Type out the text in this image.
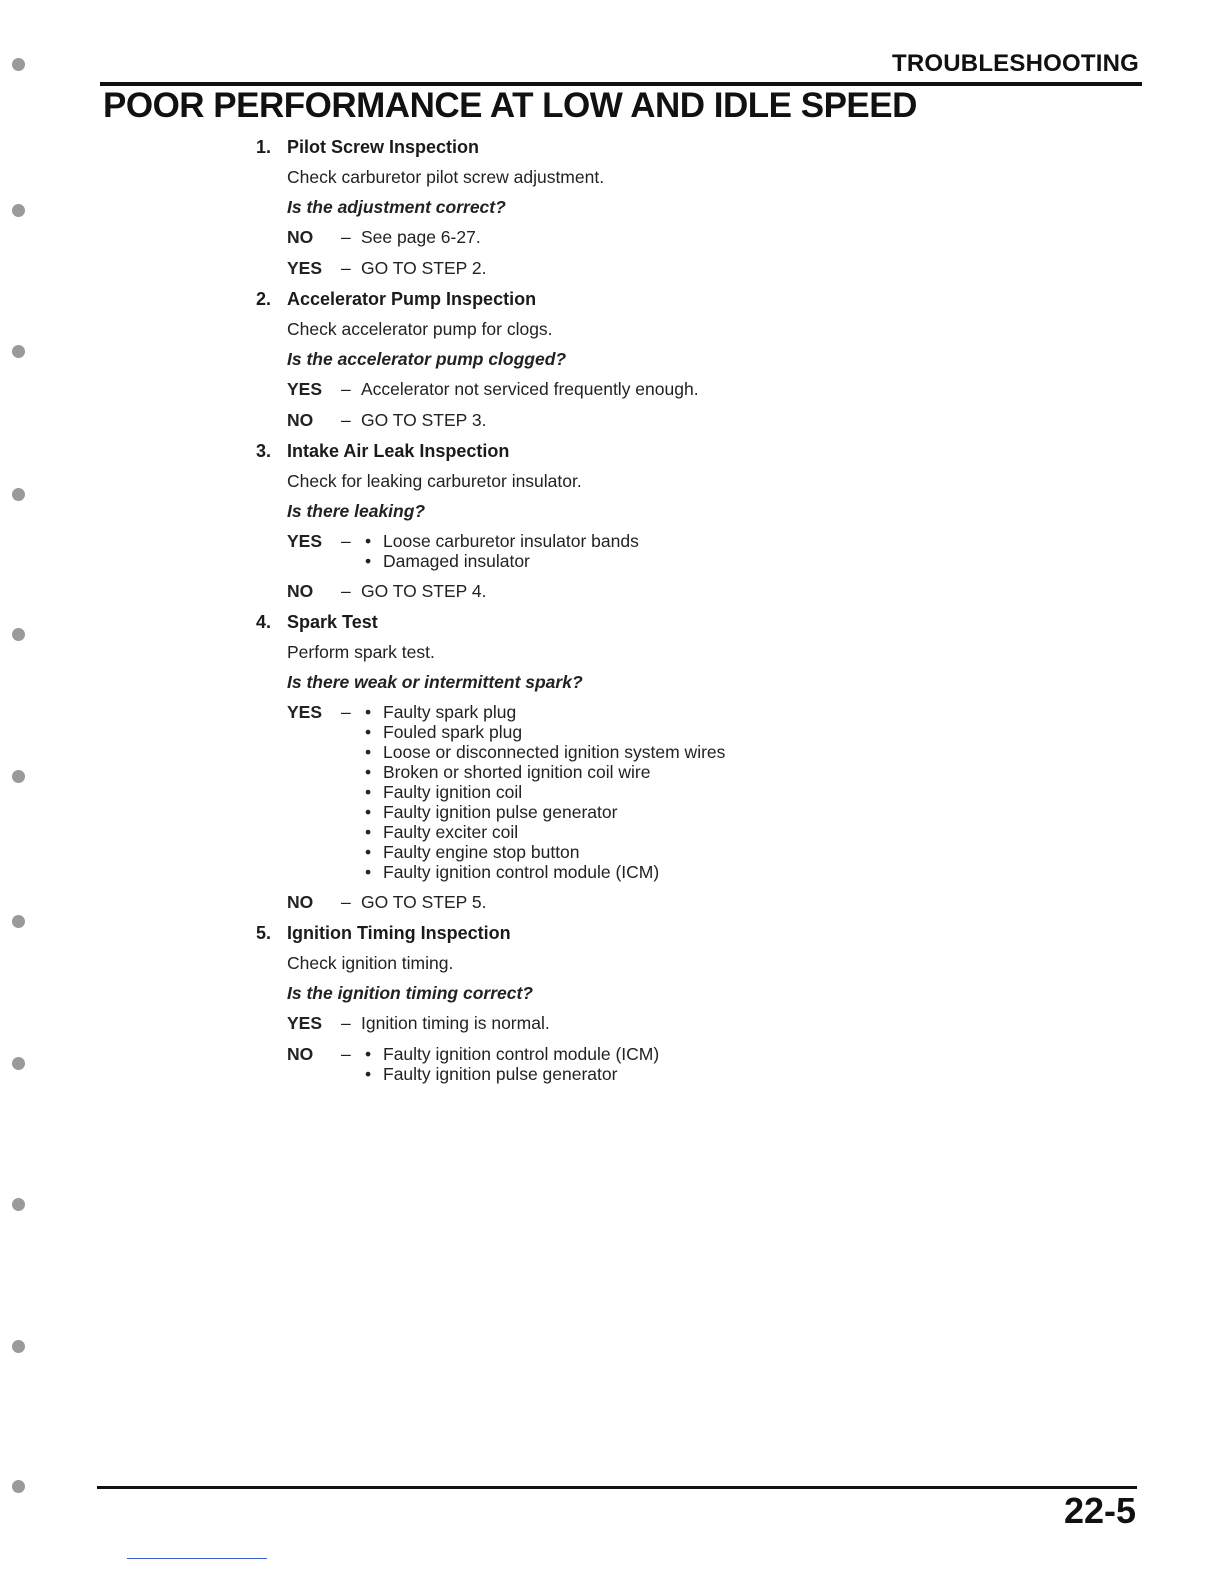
TROUBLESHOOTING
POOR PERFORMANCE AT LOW AND IDLE SPEED
1. Pilot Screw Inspection
Check carburetor pilot screw adjustment.
Is the adjustment correct?
NO	– See page 6-27.
YES	– GO TO STEP 2.
2. Accelerator Pump Inspection
Check accelerator pump for clogs.
Is the accelerator pump clogged?
YES	– Accelerator not serviced frequently enough.
NO	– GO TO STEP 3.
3. Intake Air Leak Inspection
Check for leaking carburetor insulator.
Is there leaking?
YES	–	• Loose carburetor insulator bands
• Damaged insulator
NO	– GO TO STEP 4.
4. Spark Test
Perform spark test.
Is there weak or intermittent spark?
YES	–	• Faulty spark plug
• Fouled spark plug
• Loose or disconnected ignition system wires
• Broken or shorted ignition coil wire
• Faulty ignition coil
• Faulty ignition pulse generator
• Faulty exciter coil
• Faulty engine stop button
• Faulty ignition control module (ICM)
NO	– GO TO STEP 5.
5. Ignition Timing Inspection
Check ignition timing.
Is the ignition timing correct?
YES	– Ignition timing is normal.
NO	–	• Faulty ignition control module (ICM)
• Faulty ignition pulse generator
22-5
